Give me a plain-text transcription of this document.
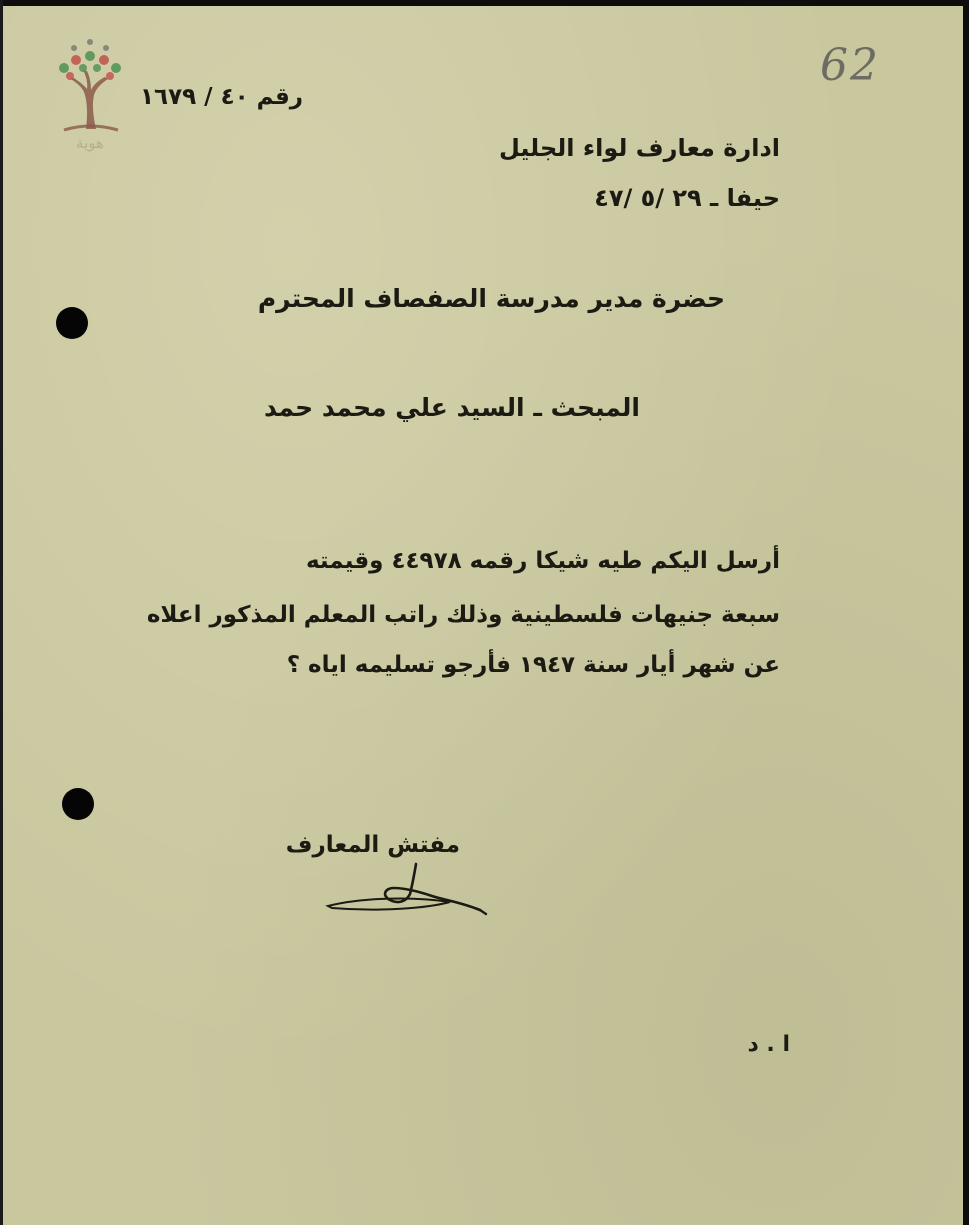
هوية
رقم ٤٠ / ١٦٧٩
62
ادارة معارف لواء الجليل
حيفا ـ ٢٩ /٥ /٤٧
حضرة مدير مدرسة الصفصاف المحترم
المبحث ـ السيد علي محمد حمد
أرسل اليكم طيه شيكا رقمه ٤٤٩٧٨ وقيمته
سبعة جنيهات فلسطينية وذلك راتب المعلم المذكور اعلاه
عن شهر أيار سنة ١٩٤٧ فأرجو تسليمه اياه ؟
مفتش المعارف
ا . د
